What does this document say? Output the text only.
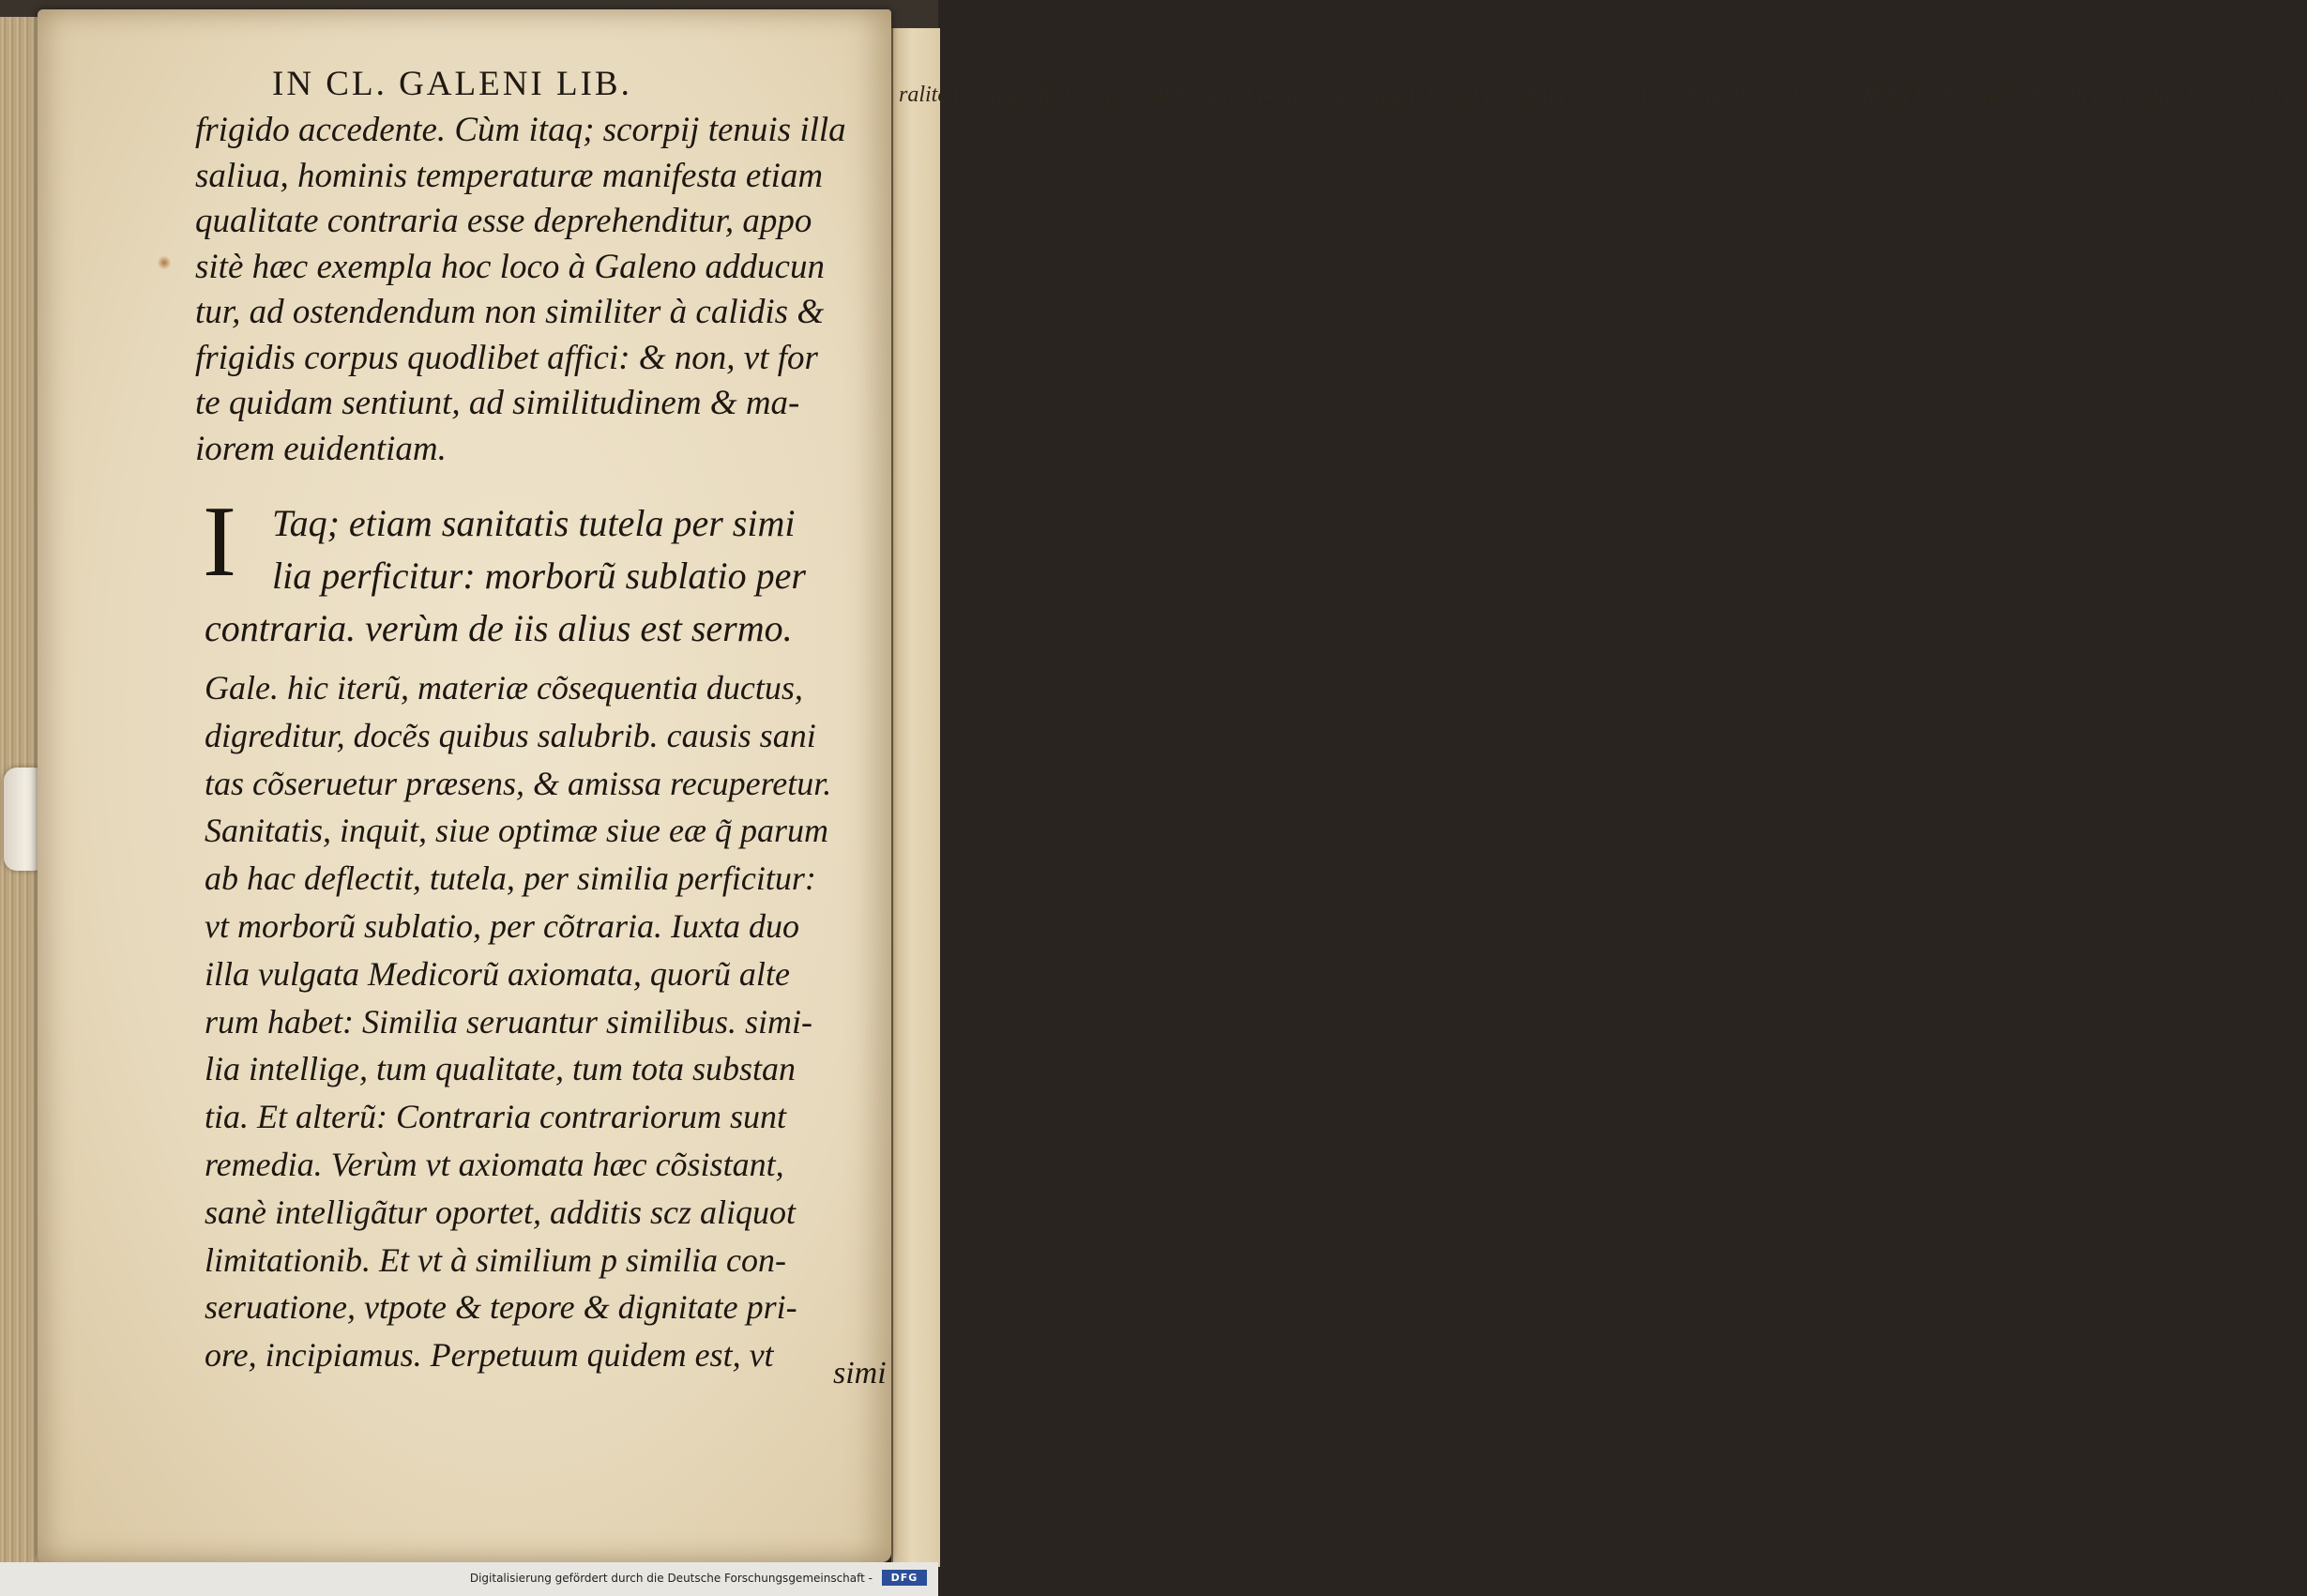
ralite tis mi profect ta, pri salubr aere t peran suam qualit tis est accep da ca men lis o bean in aer test, q offend licet, v suborte tum di singula to, perti prim
IN CL. GALENI LIB.
frigido accedente. Cùm itaq; scorpij tenuis illa
saliua, hominis temperaturæ manifesta etiam
qualitate contraria esse deprehenditur, appo
sitè hæc exempla hoc loco à Galeno adducun
tur, ad ostendendum non similiter à calidis &
frigidis corpus quodlibet affici: & non, vt for
te quidam sentiunt, ad similitudinem & ma-
iorem euidentiam.
I Taq; etiam sanitatis tutela per simi
lia perficitur: morborũ sublatio per
contraria. verùm de iis alius est sermo.
Gale. hic iterũ, materiæ cõsequentia ductus,
digreditur, docẽs quibus salubrib. causis sani
tas cõseruetur præsens, & amissa recuperetur.
Sanitatis, inquit, siue optimæ siue eæ q̃ parum
ab hac deflectit, tutela, per similia perficitur:
vt morborũ sublatio, per cõtraria. Iuxta duo
illa vulgata Medicorũ axiomata, quorũ alte
rum habet: Similia seruantur similibus. simi-
lia intellige, tum qualitate, tum tota substan
tia. Et alterũ: Contraria contrariorum sunt
remedia. Verùm vt axiomata hæc cõsistant,
sanè intelligãtur oportet, additis scz aliquot
limitationib. Et vt à similium p similia con-
seruatione, vtpote & tepore & dignitate pri-
ore, incipiamus. Perpetuum quidem est, vt	simi
Digitalisierung gefördert durch die Deutsche Forschungsgemeinschaft -	DFG
